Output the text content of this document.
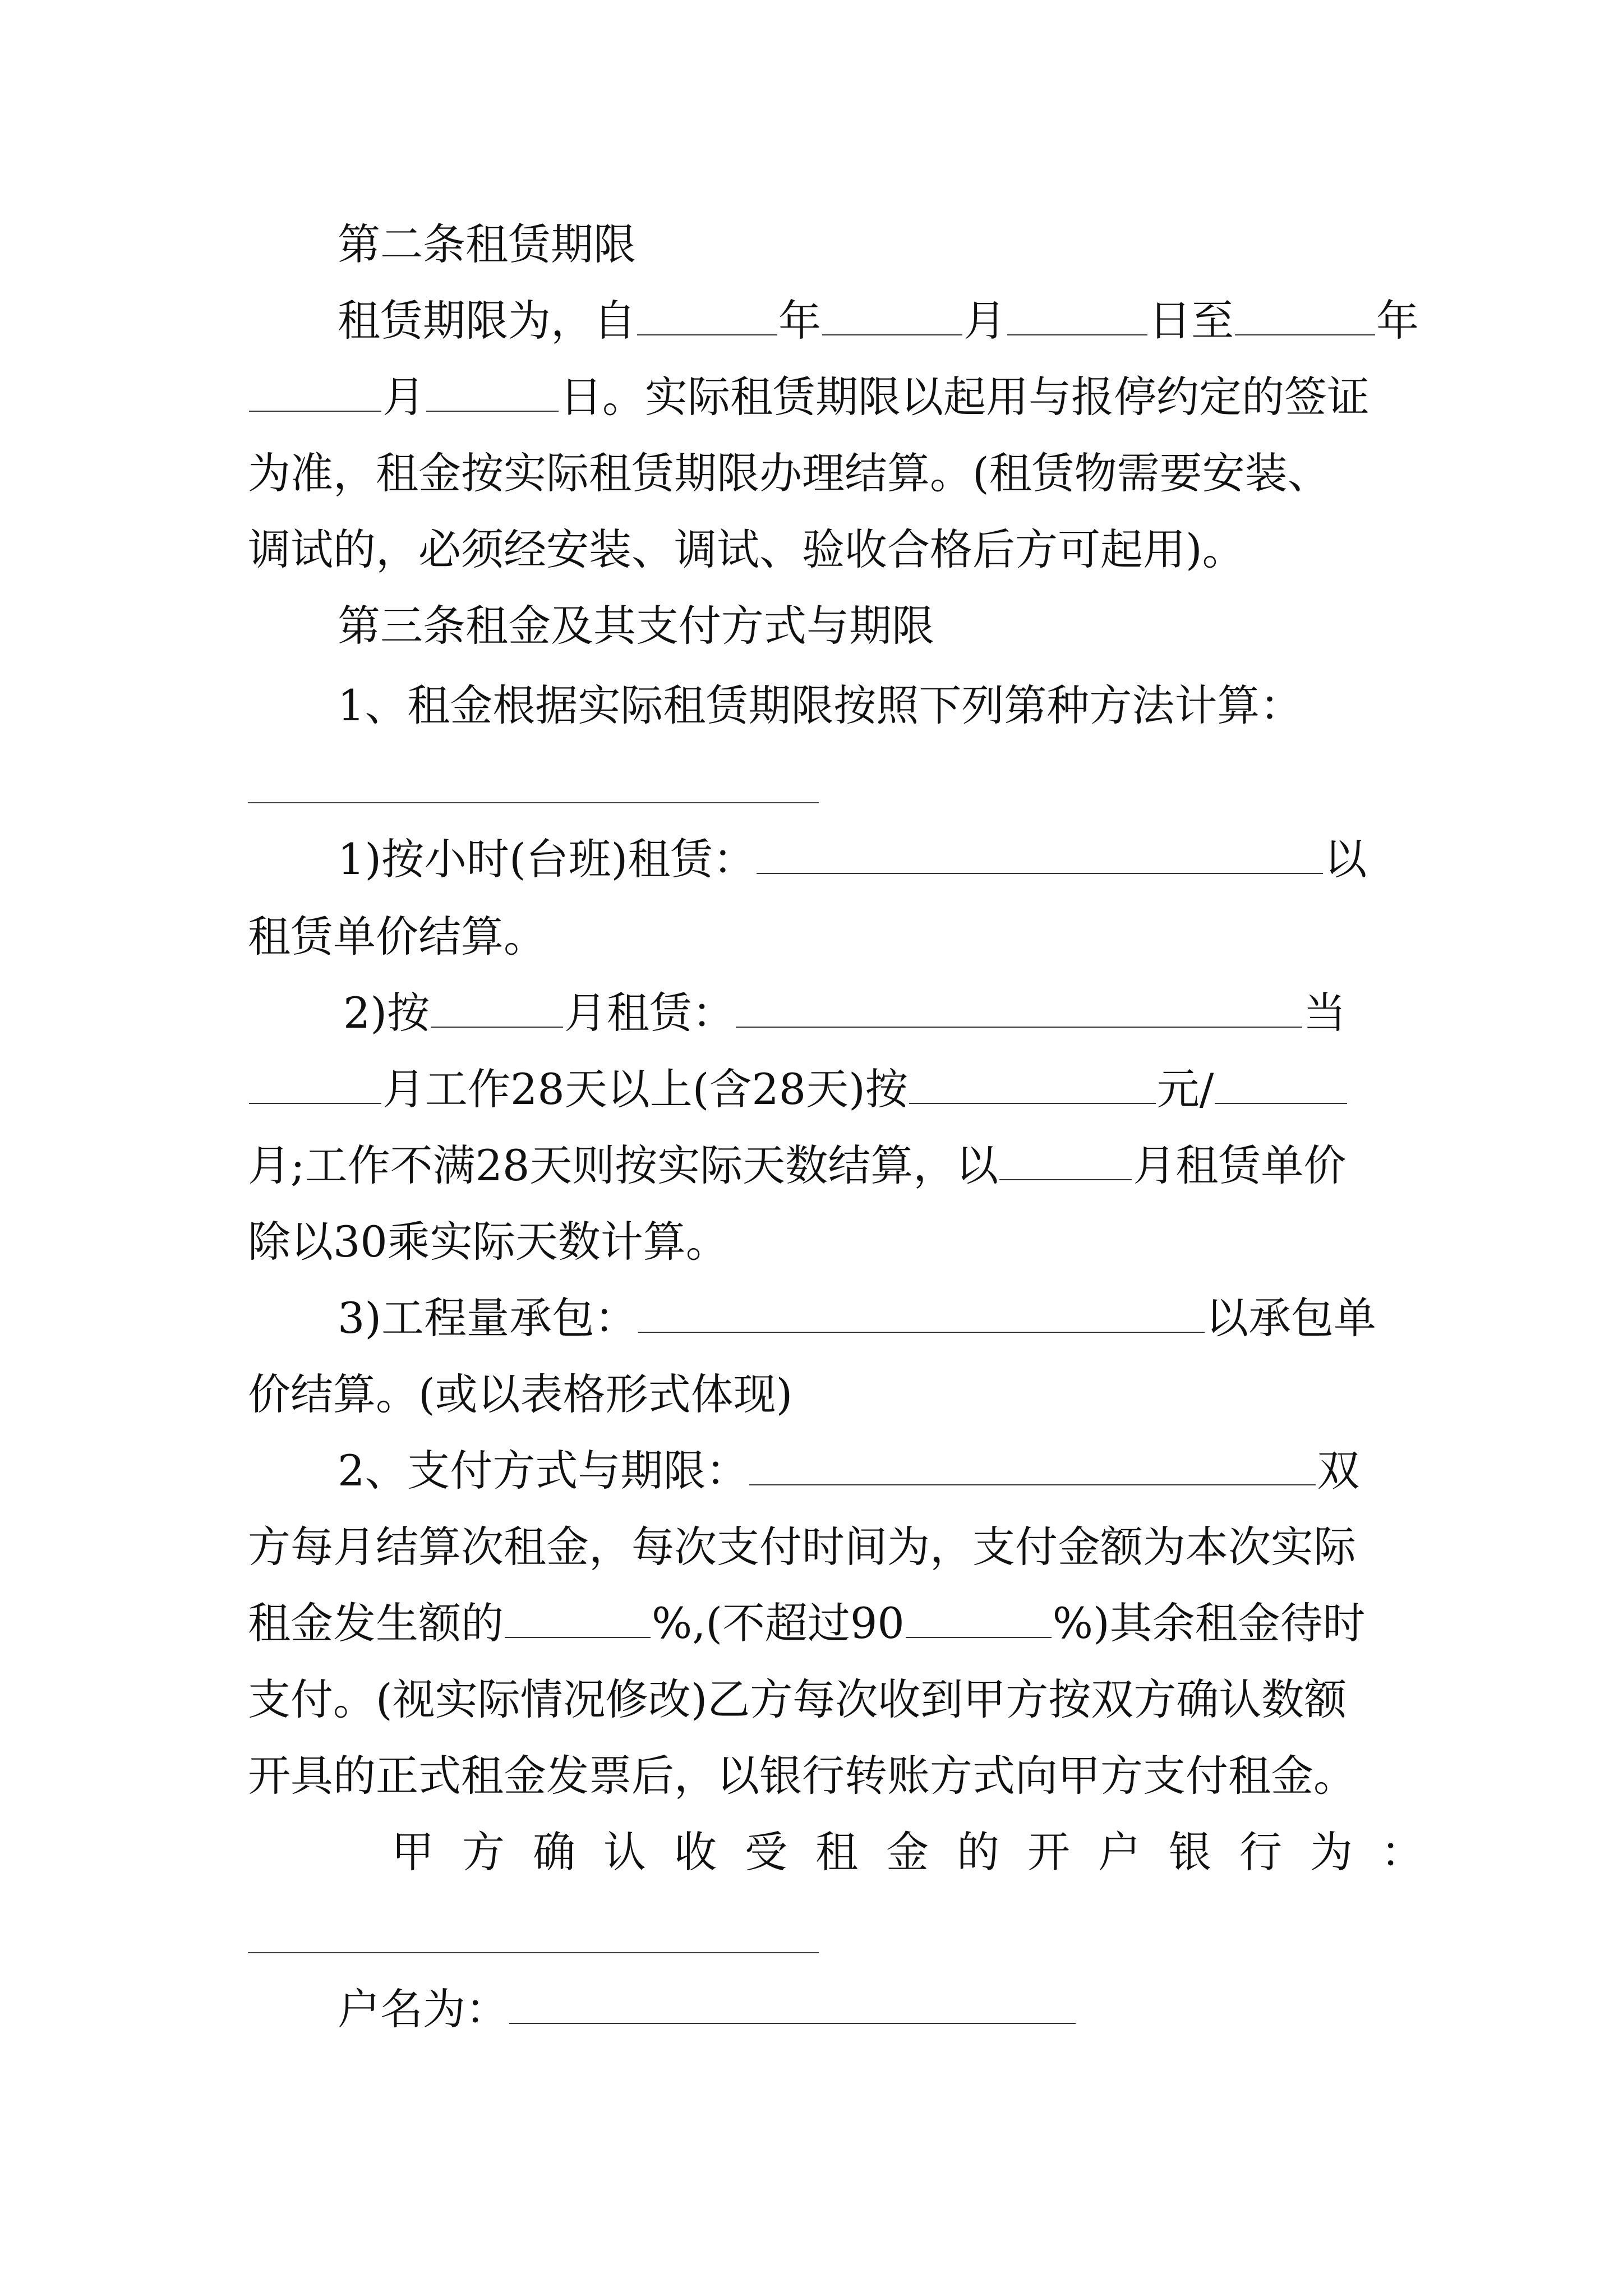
第二条租赁期限
租赁期限为，自	年	月	日至	年
月	日。实际租赁期限以起用与报停约定的签证
为准，租金按实际租赁期限办理结算。(租赁物需要安装、
调试的，必须经安装、调试、验收合格后方可起用)。
第三条租金及其支付方式与期限
1、租金根据实际租赁期限按照下列第种方法计算：
1)按小时(台班)租赁：	以
租赁单价结算。
2)按	月租赁：	当
月工作28天以上(含28天)按	元/
月;工作不满28天则按实际天数结算，以	月租赁单价
除以30乘实际天数计算。
3)工程量承包：	以承包单
价结算。(或以表格形式体现)
2、支付方式与期限：	双
方每月结算次租金，每次支付时间为，支付金额为本次实际
租金发生额的	%,(不超过90	%)其余租金待时
支付。(视实际情况修改)乙方每次收到甲方按双方确认数额
开具的正式租金发票后，以银行转账方式向甲方支付租金。
甲方确认收受租金的开户银行为：
户名为：
